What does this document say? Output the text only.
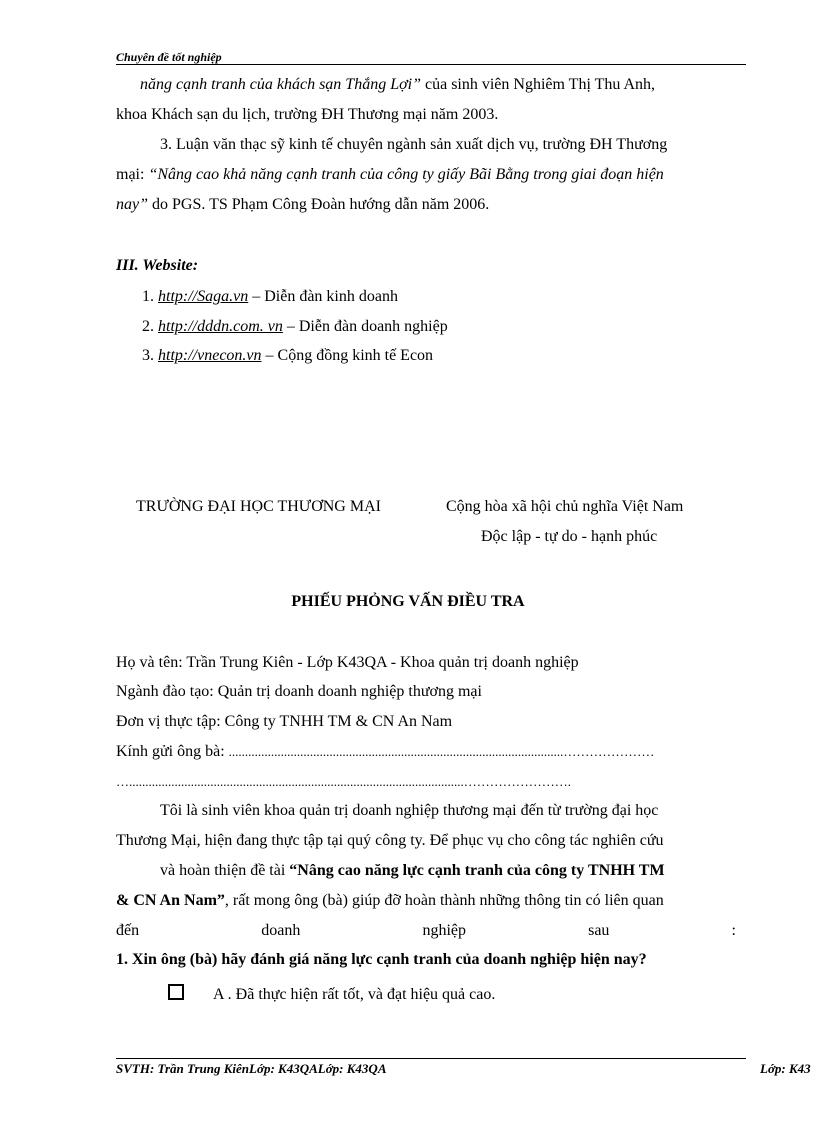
Chuyên đề tốt nghiệp

năng cạnh tranh của khách sạn Thắng Lợi” của sinh viên Nghiêm Thị Thu Anh,

khoa Khách sạn du lịch, trường ĐH Thương mại năm 2003.

3. Luận văn thạc sỹ kinh tế chuyên ngành sản xuất dịch vụ, trường ĐH Thương

mại: “Nâng cao khả năng cạnh tranh của công ty giấy Bãi Bằng trong giai đoạn hiện

nay” do PGS. TS Phạm Công Đoàn hướng dẫn năm 2006.

III. Website:
1. http://Saga.vn – Diễn đàn kinh doanh
2. http://dddn.com. vn – Diễn đàn doanh nghiệp
3. http://vnecon.vn – Cộng đồng kinh tế Econ
TRƯỜNG ĐẠI HỌC THƯƠNG MẠI	Cộng hòa xã hội chủ nghĩa Việt Nam
Độc lập - tự do - hạnh phúc
PHIẾU PHỎNG VẤN ĐIỀU TRA
Họ và tên: Trần Trung Kiên - Lớp K43QA - Khoa quản trị doanh nghiệp
Ngành đào tạo: Quản trị doanh doanh nghiệp thương mại
Đơn vị thực tập: Công ty TNHH TM & CN An Nam
Kính gửi ông bà: .......................................................................................................…………………
….......................................................................................................…………………….

Tôi là sinh viên khoa quản trị doanh nghiệp thương mại đến từ trường đại học

Thương Mại, hiện đang thực tập tại quý công ty. Để phục vụ cho công tác nghiên cứu

và hoàn thiện đề tài “Nâng cao năng lực cạnh tranh của công ty TNHH TM

& CN An Nam”, rất mong ông (bà) giúp đỡ hoàn thành những thông tin có liên quan

đến	doanh	nghiệp	sau	:
1. Xin ông (bà) hãy đánh giá năng lực cạnh tranh của doanh nghiệp hiện nay?
A . Đã thực hiện rất tốt, và đạt hiệu quả cao.
SVTH: Trần Trung KiênLớp: K43QALớp: K43QA	Lớp: K43
